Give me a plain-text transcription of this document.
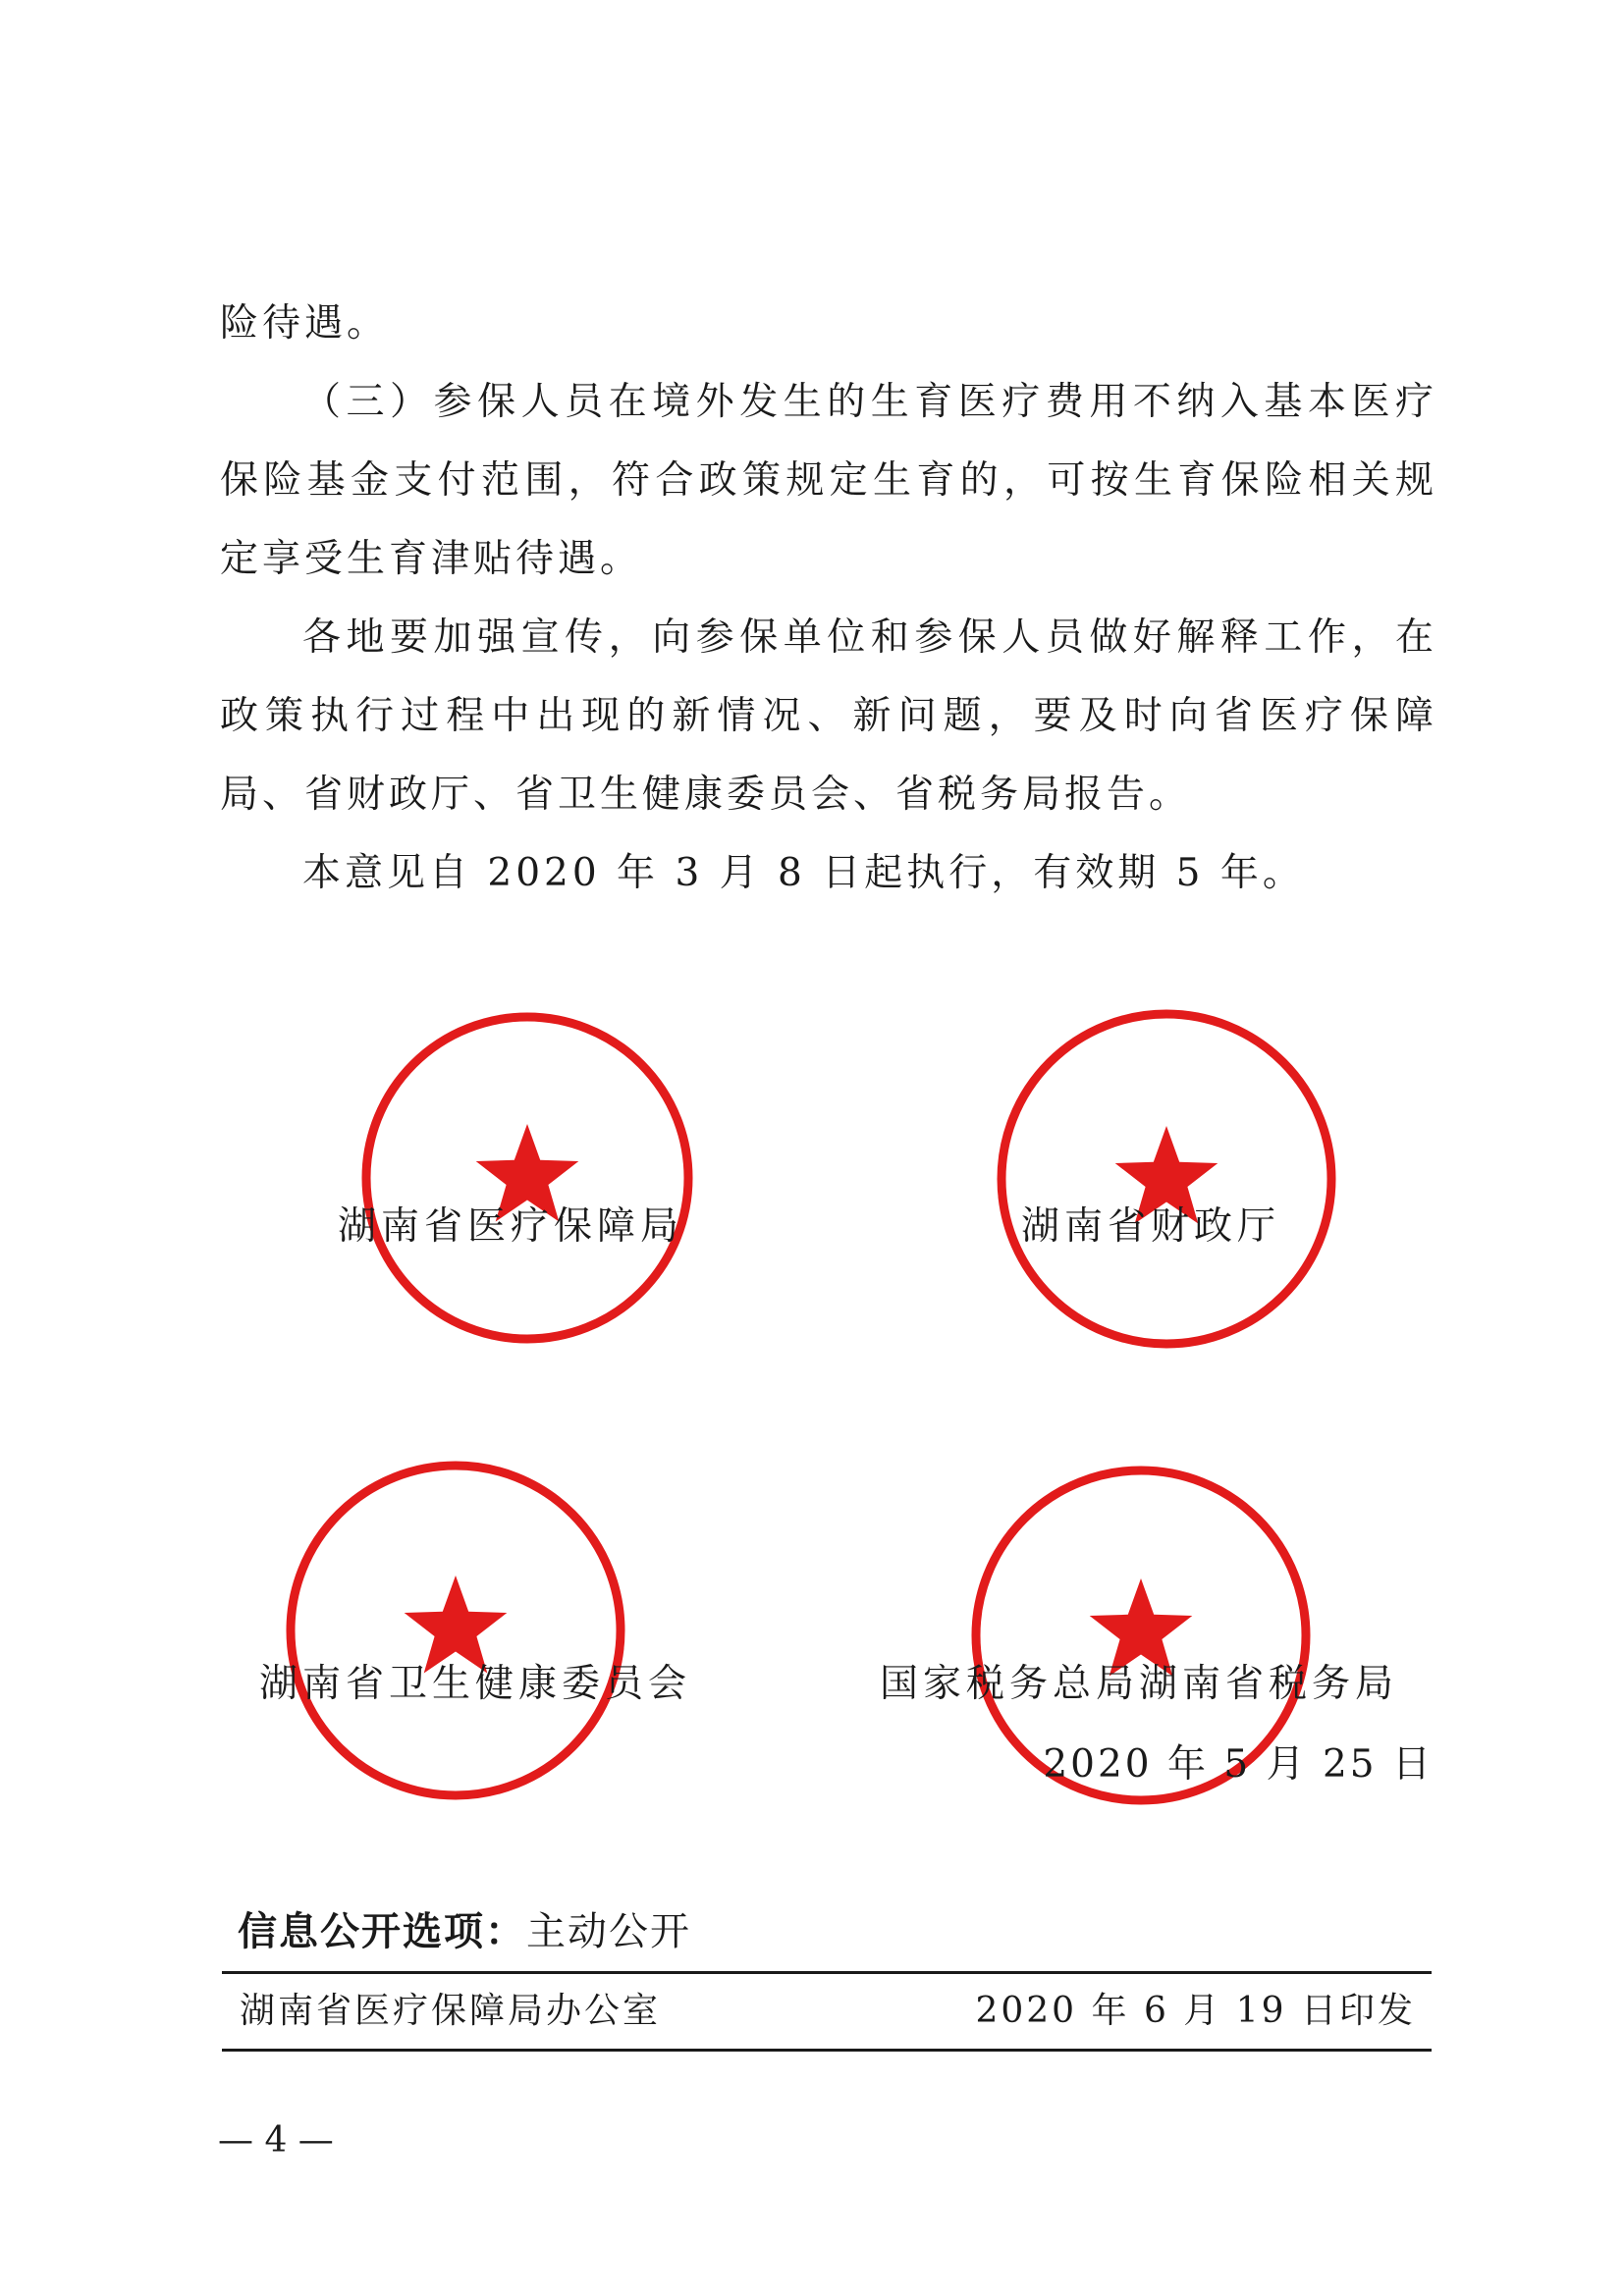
险待遇。

（三）参保人员在境外发生的生育医疗费用不纳入基本医疗保险基金支付范围，符合政策规定生育的，可按生育保险相关规定享受生育津贴待遇。

各地要加强宣传，向参保单位和参保人员做好解释工作，在政策执行过程中出现的新情况、新问题，要及时向省医疗保障局、省财政厅、省卫生健康委员会、省税务局报告。

本意见自 2020 年 3 月 8 日起执行，有效期 5 年。

湖南省医疗保障局	湖南省财政厅
湖南省卫生健康委员会	国家税务总局湖南省税务局
2020 年 5 月 25 日
信息公开选项：主动公开
湖南省医疗保障局办公室	2020 年 6 月 19 日印发
— 4 —
